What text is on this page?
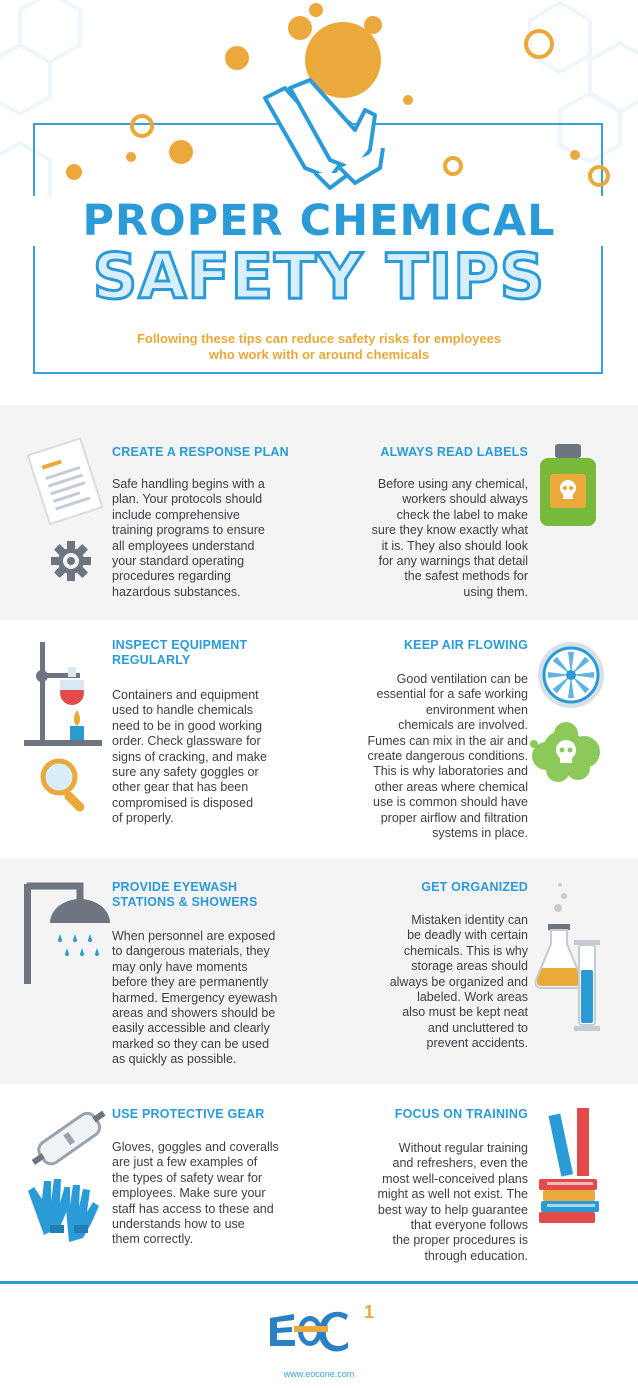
PROPER CHEMICAL
SAFETY TIPS
Following these tips can reduce safety risks for employees
who work with or around chemicals
CREATE A RESPONSE PLAN
Safe handling begins with a
plan. Your protocols should
include comprehensive
training programs to ensure
all employees understand
your standard operating
procedures regarding
hazardous substances.
ALWAYS READ LABELS
Before using any chemical,
workers should always
check the label to make
sure they know exactly what
it is. They also should look
for any warnings that detail
the safest methods for
using them.
INSPECT EQUIPMENT
REGULARLY
Containers and equipment
used to handle chemicals
need to be in good working
order. Check glassware for
signs of cracking, and make
sure any safety goggles or
other gear that has been
compromised is disposed
of properly.
KEEP AIR FLOWING
Good ventilation can be
essential for a safe working
environment when
chemicals are involved.
Fumes can mix in the air and
create dangerous conditions.
This is why laboratories and
other areas where chemical
use is common should have
proper airflow and filtration
systems in place.
PROVIDE EYEWASH
STATIONS & SHOWERS
When personnel are exposed
to dangerous materials, they
may only have moments
before they are permanently
harmed. Emergency eyewash
areas and showers should be
easily accessible and clearly
marked so they can be used
as quickly as possible.
GET ORGANIZED
Mistaken identity can
be deadly with certain
chemicals. This is why
storage areas should
always be organized and
labeled. Work areas
also must be kept neat
and uncluttered to
prevent accidents.
USE PROTECTIVE GEAR
Gloves, goggles and coveralls
are just a few examples of
the types of safety wear for
employees. Make sure your
staff has access to these and
understands how to use
them correctly.
FOCUS ON TRAINING
Without regular training
and refreshers, even the
most well-conceived plans
might as well not exist. The
best way to help guarantee
that everyone follows
the proper procedures is
through education.
1
www.eocone.com
